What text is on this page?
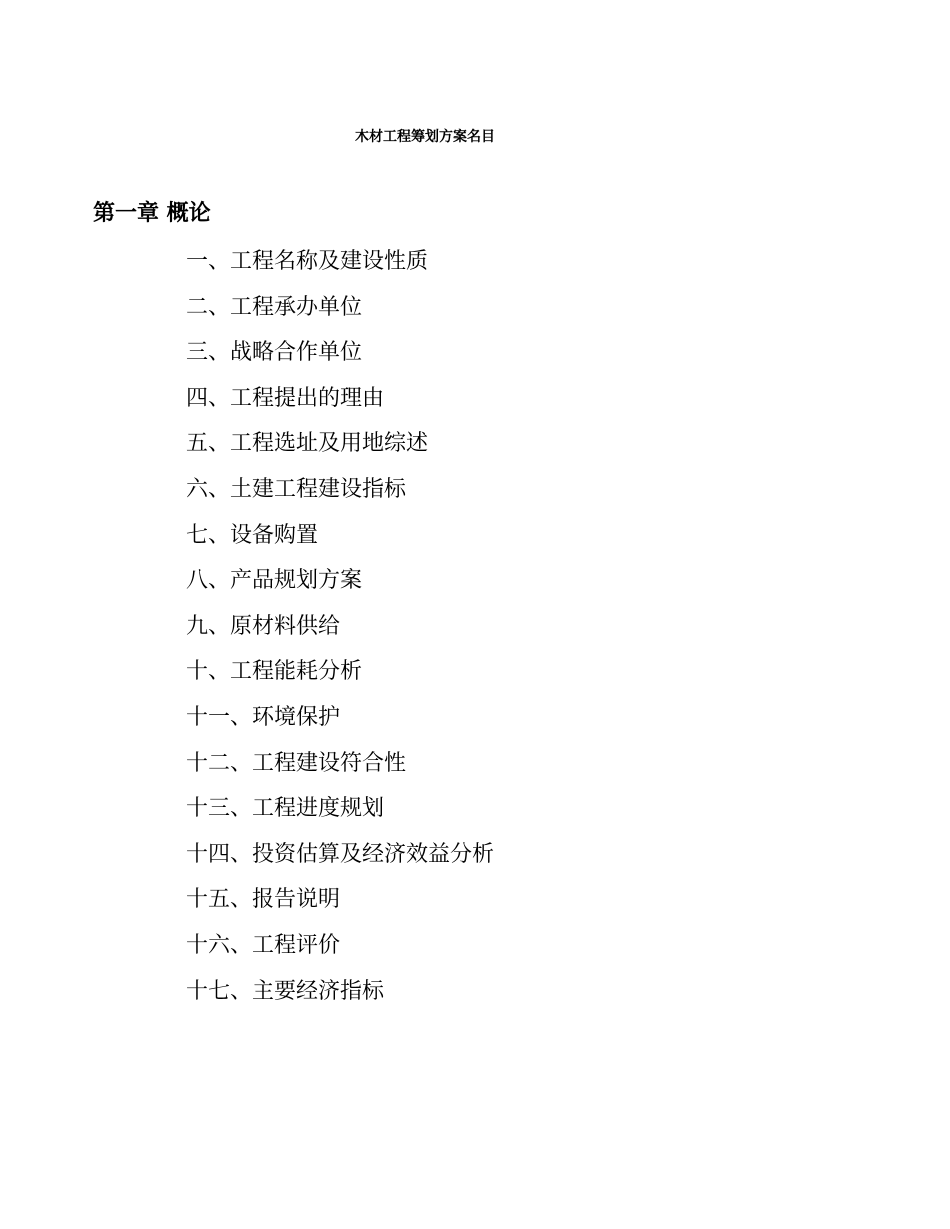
木材工程筹划方案名目
第一章 概论
一、工程名称及建设性质
二、工程承办单位
三、战略合作单位
四、工程提出的理由
五、工程选址及用地综述
六、土建工程建设指标
七、设备购置
八、产品规划方案
九、原材料供给
十、工程能耗分析
十一、环境保护
十二、工程建设符合性
十三、工程进度规划
十四、投资估算及经济效益分析
十五、报告说明
十六、工程评价
十七、主要经济指标
